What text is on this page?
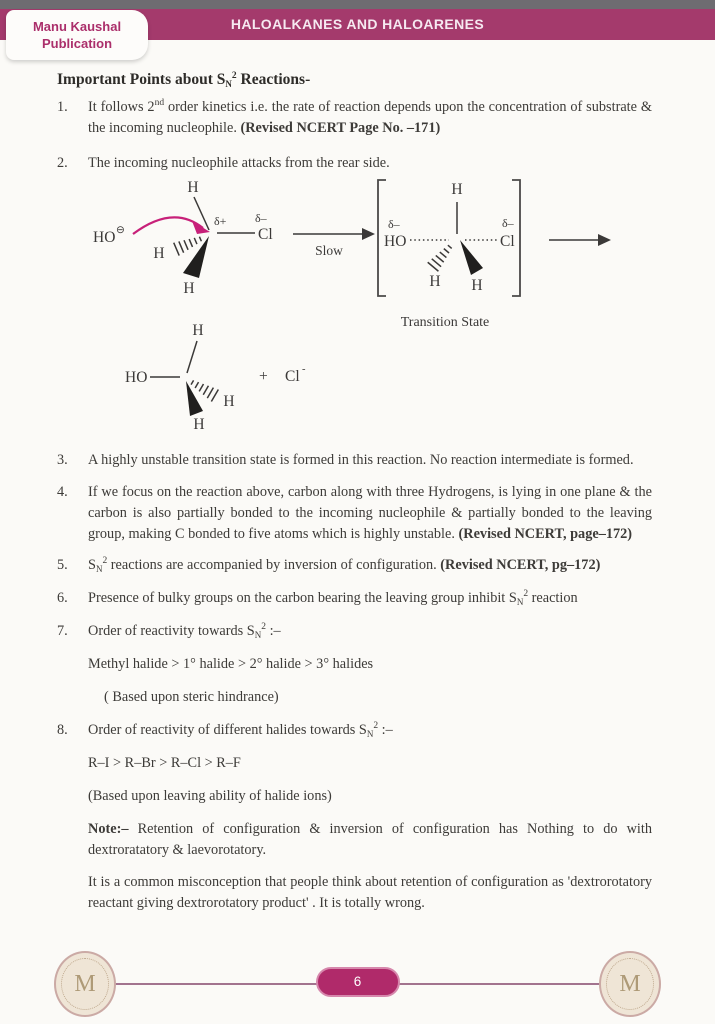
HALOALKANES AND HALOARENES
Manu Kaushal
Publication
Important Points about $SN^2$ Reactions-
1.	It follows 2nd order kinetics i.e. the rate of reaction depends upon the concentration of substrate & the incoming nucleophile. (Revised NCERT Page No. –171)

2.	The incoming nucleophile attacks from the rear side.

HO ⊖
H
δ+
Cl
δ–
H
H
Slow
δ–
HO
H
H H
Cl
δ–
Transition State
H
HO
H
H
+ Cl -
3.	A highly unstable transition state is formed in this reaction. No reaction intermediate is formed.

4.	If we focus on the reaction above, carbon along with three Hydrogens, is lying in one plane & the carbon is also partially bonded to the incoming nucleophile & partially bonded to the leaving group, making C bonded to five atoms which is highly unstable. (Revised NCERT, page–172)

5.	$S_N^2$ reactions are accompanied by inversion of configuration. (Revised NCERT, pg–172)

6.	Presence of bulky groups on the carbon bearing the leaving group inhibit $S_N^2$ reaction

7.	Order of reactivity towards $S_N^2$ :–

Methyl halide > 1° halide > 2° halide > 3° halides

( Based upon steric hindrance)

8.	Order of reactivity of different halides towards $S_N^2$ :–

R–I > R–Br > R–Cl > R–F

(Based upon leaving ability of halide ions)

Note:– Retention of configuration & inversion of configuration has Nothing to do with dextroratatory & laevorotatory.

It is a common misconception that people think about retention of configuration as 'dextrorotatory reactant giving dextrorotatory product' . It is totally wrong.

M	M
6
